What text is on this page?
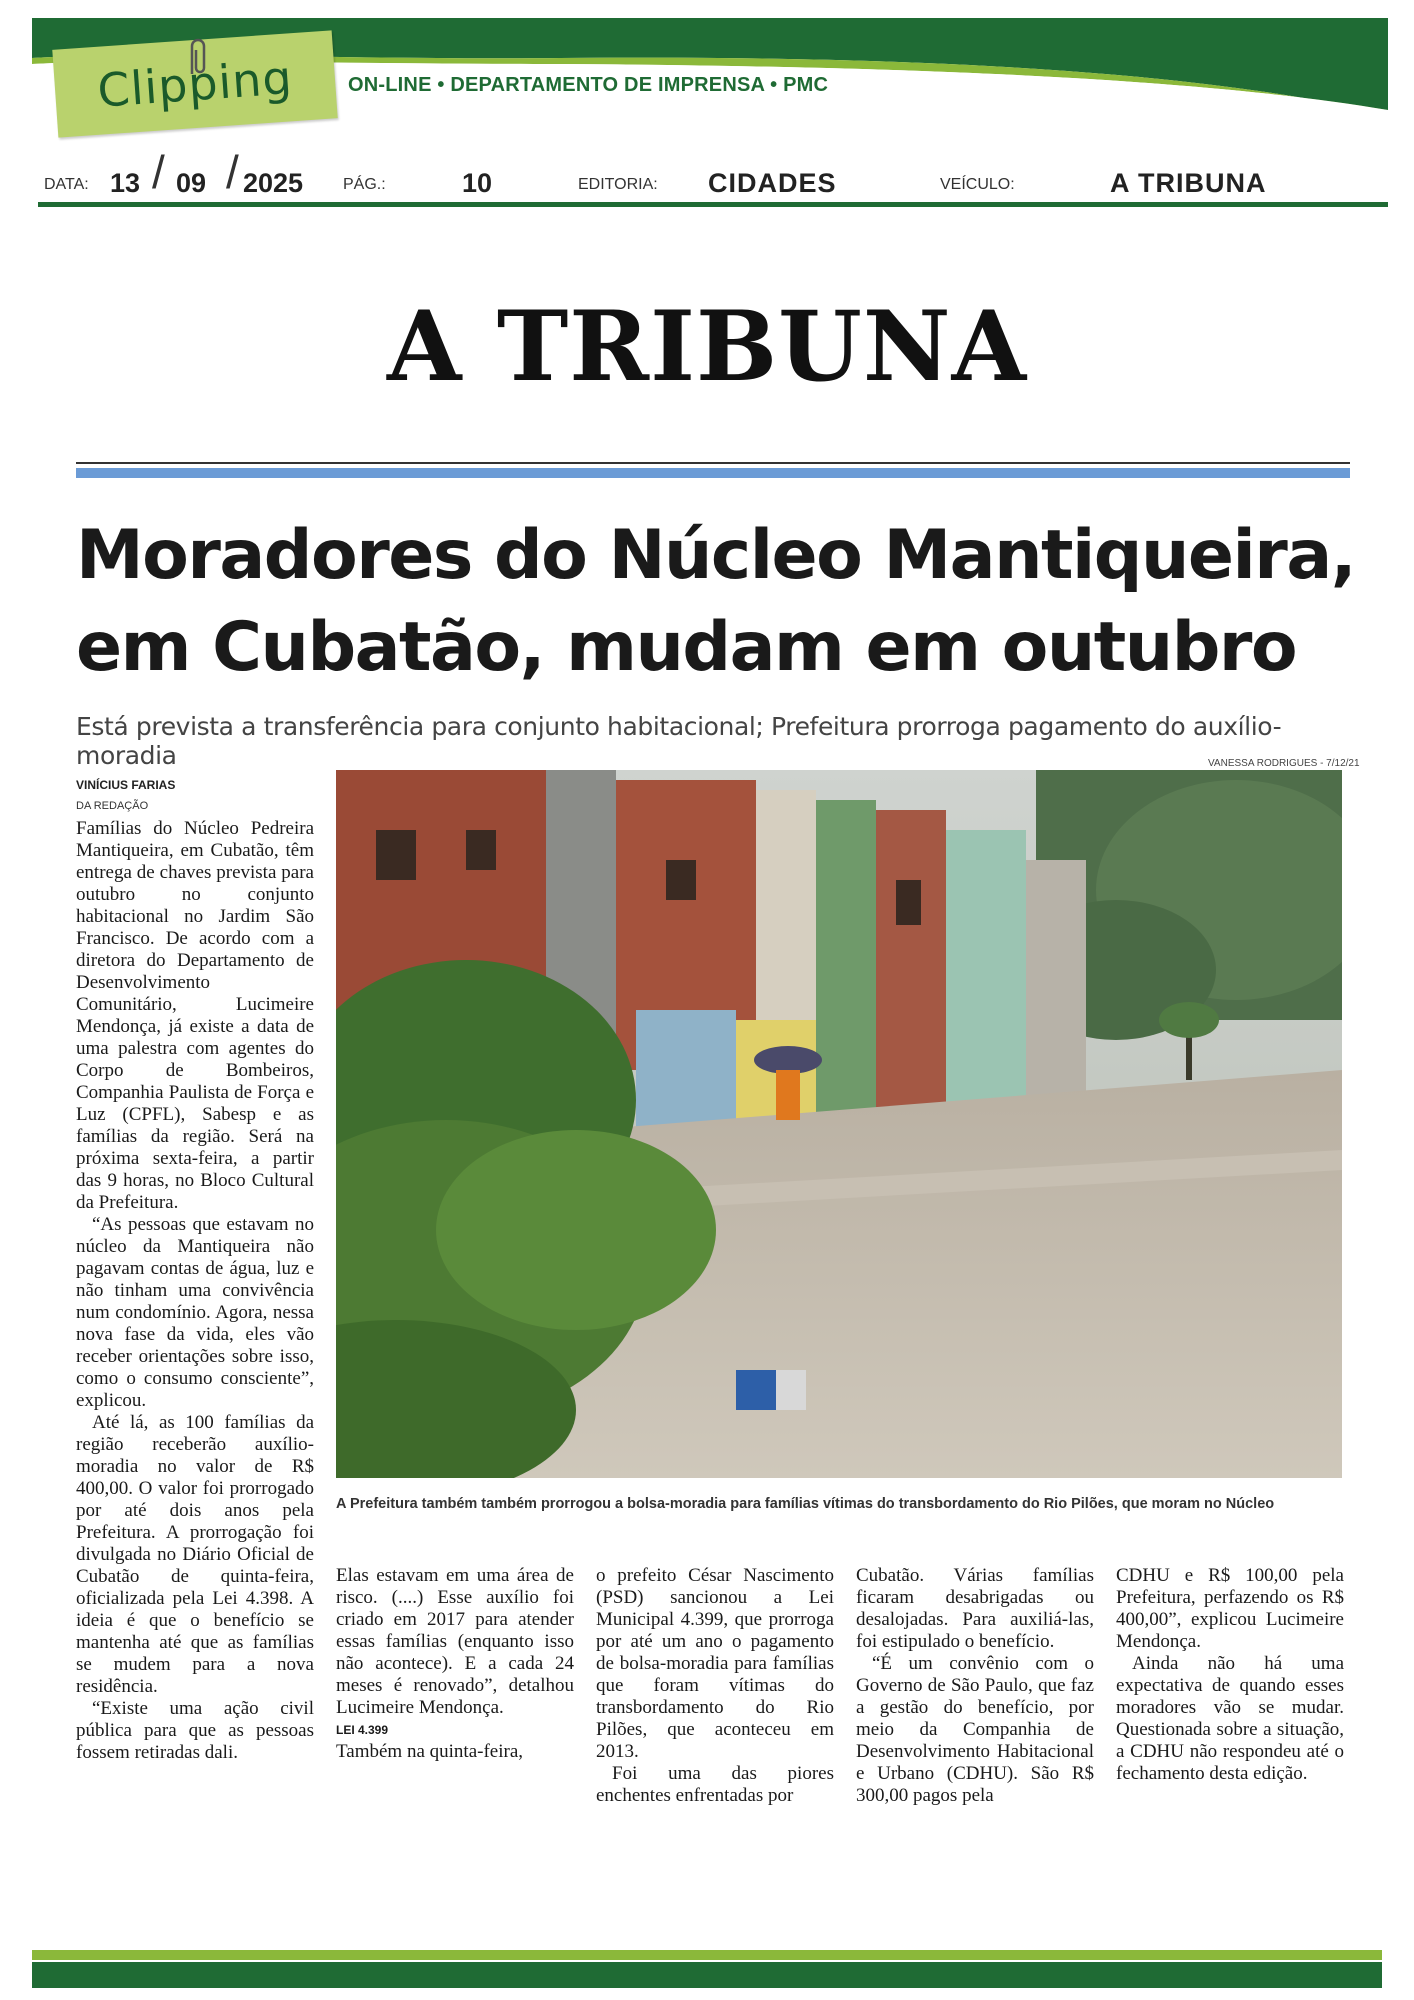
Clipping	ON-LINE • DEPARTAMENTO DE IMPRENSA • PMC
DATA: 13 / 09 / 2025 PÁG.:	10	EDITORIA: CIDADES	VEÍCULO:	A TRIBUNA
A TRIBUNA
Moradores do Núcleo Mantiqueira,
em Cubatão, mudam em outubro
Está prevista a transferência para conjunto habitacional; Prefeitura prorroga pagamento do auxílio-moradia
VINÍCIUS FARIAS
DA REDAÇÃO
VANESSA RODRIGUES - 7/12/21
A Prefeitura também também prorrogou a bolsa-moradia para famílias vítimas do transbordamento do Rio Pilões, que moram no Núcleo

Famílias do Núcleo Pedreira Mantiqueira, em Cubatão, têm entrega de chaves prevista para outubro no conjunto habitacional no Jardim São Francisco. De acordo com a diretora do Departamento de Desenvolvimento Comunitário, Lucimeire Mendonça, já existe a data de uma palestra com agentes do Corpo de Bombeiros, Companhia Paulista de Força e Luz (CPFL), Sabesp e as famílias da região. Será na próxima sexta-feira, a partir das 9 horas, no Bloco Cultural da Prefeitura.

“As pessoas que estavam no núcleo da Mantiqueira não pagavam contas de água, luz e não tinham uma convivência num condomínio. Agora, nessa nova fase da vida, eles vão receber orientações sobre isso, como o consumo consciente”, explicou.

Até lá, as 100 famílias da região receberão auxílio-moradia no valor de R$ 400,00. O valor foi prorrogado por até dois anos pela Prefeitura. A prorrogação foi divulgada no Diário Oficial de Cubatão de quinta-feira, oficializada pela Lei 4.398. A ideia é que o benefício se mantenha até que as famílias se mudem para a nova residência.

“Existe uma ação civil pública para que as pessoas fossem retiradas dali.

Elas estavam em uma área de risco. (....) Esse auxílio foi criado em 2017 para atender essas famílias (enquanto isso não acontece). E a cada 24 meses é renovado”, detalhou Lucimeire Mendonça.

LEI 4.399

Também na quinta-feira,

o prefeito César Nascimento (PSD) sancionou a Lei Municipal 4.399, que prorroga por até um ano o pagamento de bolsa-moradia para famílias que foram vítimas do transbordamento do Rio Pilões, que aconteceu em 2013.

Foi uma das piores enchentes enfrentadas por

Cubatão. Várias famílias ficaram desabrigadas ou desalojadas. Para auxiliá-las, foi estipulado o benefício.

“É um convênio com o Governo de São Paulo, que faz a gestão do benefício, por meio da Companhia de Desenvolvimento Habitacional e Urbano (CDHU). São R$ 300,00 pagos pela

CDHU e R$ 100,00 pela Prefeitura, perfazendo os R$ 400,00”, explicou Lucimeire Mendonça.

Ainda não há uma expectativa de quando esses moradores vão se mudar. Questionada sobre a situação, a CDHU não respondeu até o fechamento desta edição.
